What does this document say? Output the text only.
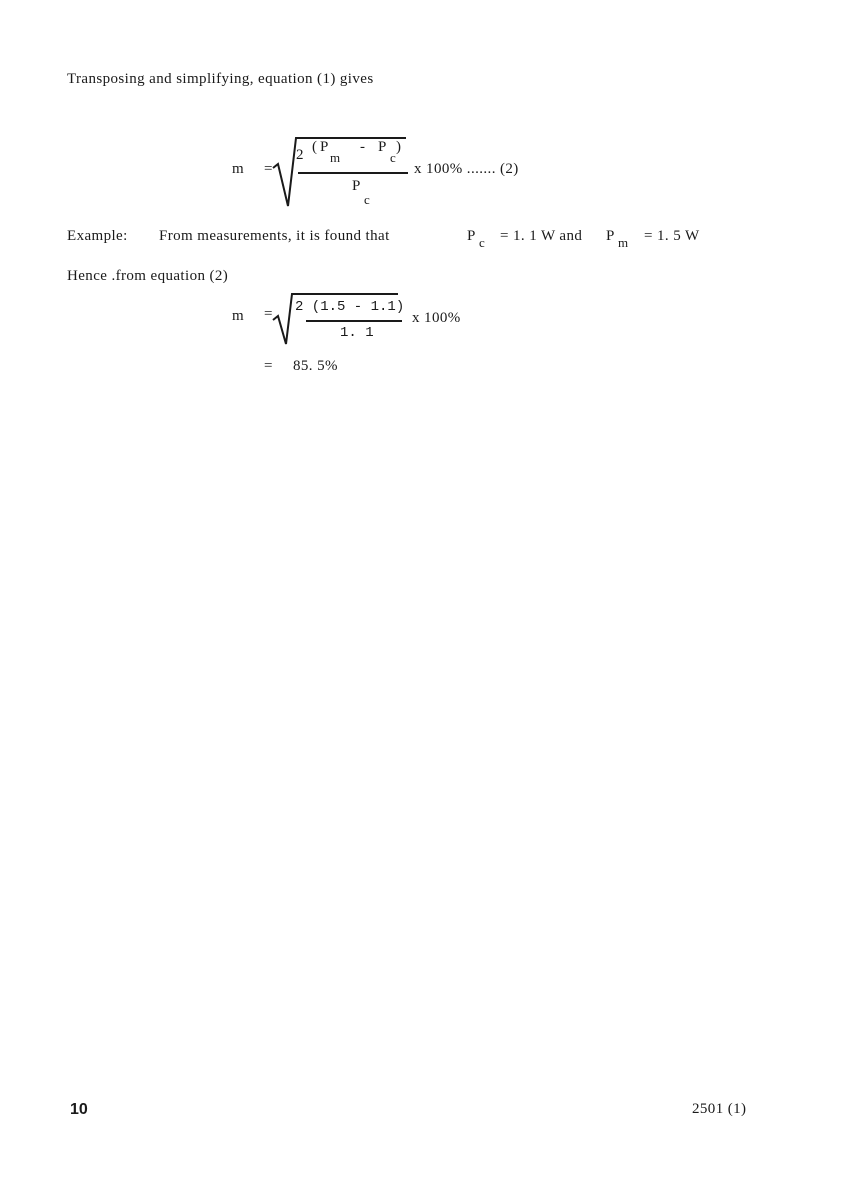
Transposing and simplifying, equation (1) gives
m =
2 ( P
m
- P
c
)
P
c
x 100% ....... (2)
Example: From measurements, it is found that	P c = 1. 1 W and P m = 1. 5 W
Hence .from equation (2)
m = 2 (1.5 - 1.1)
1. 1
x 100%
= 85. 5%
10	2501 (1)
